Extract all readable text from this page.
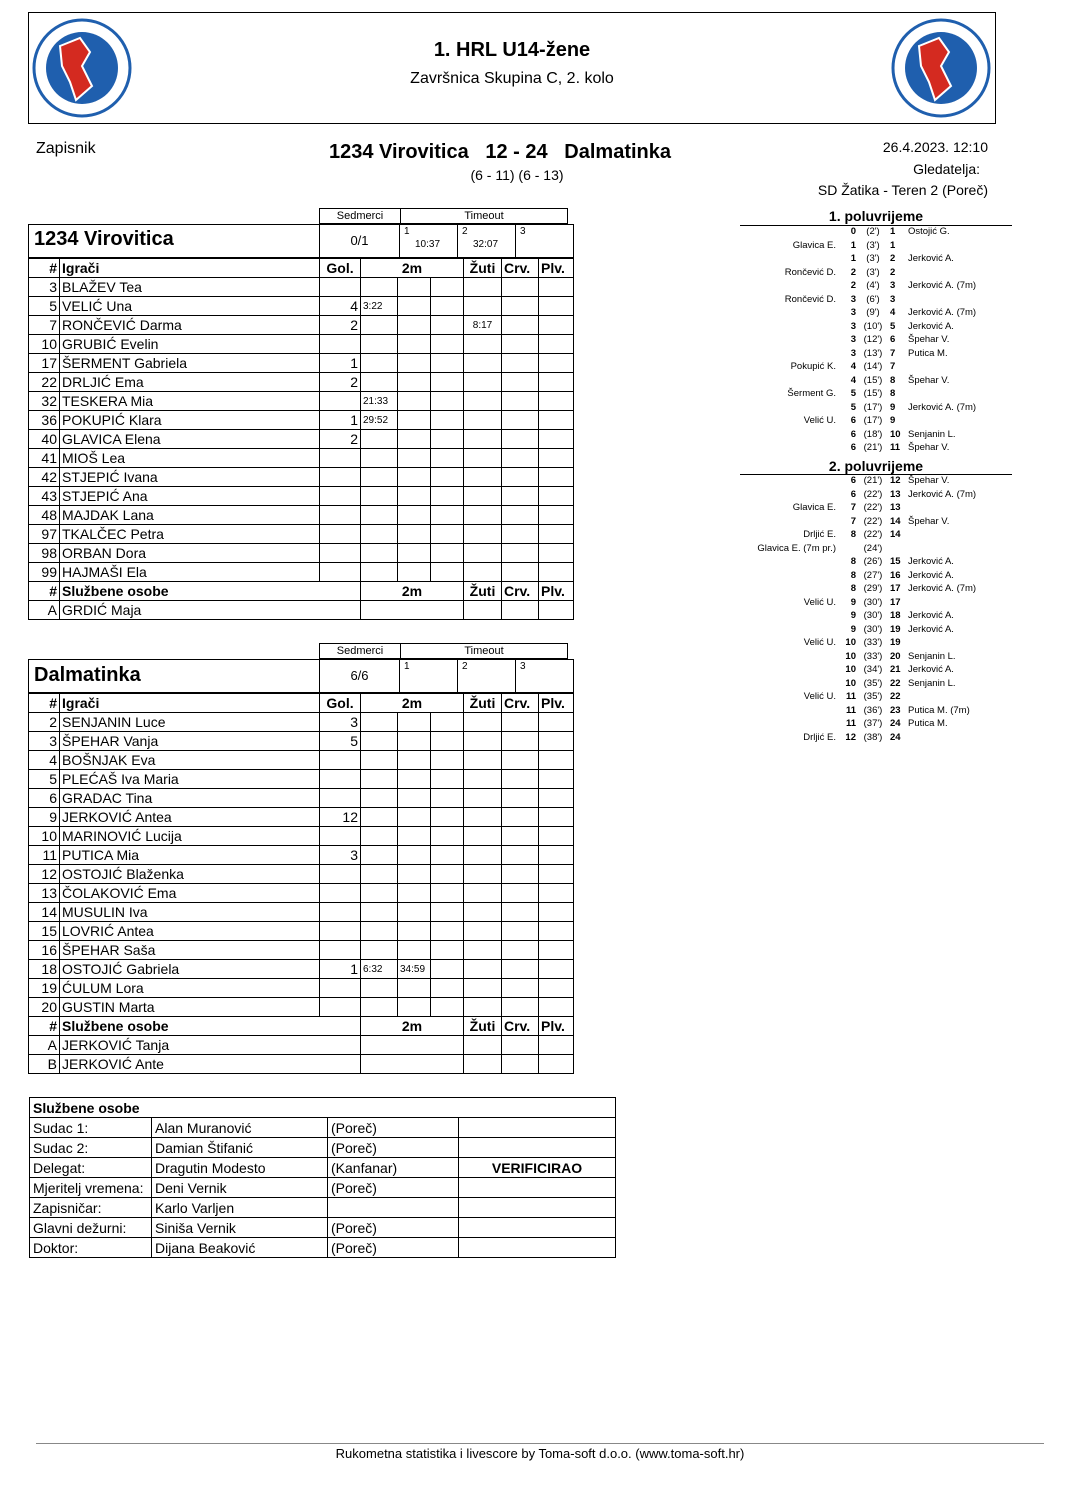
1. HRL U14-žene
Završnica Skupina C, 2. kolo
Zapisnik	1234 Virovitica   12 - 24   Dalmatinka
(6 - 11) (6 - 13)
26.4.2023. 12:10
Gledatelja:
SD Žatika - Teren 2 (Poreč)
Sedmerci	Timeout
1234 Virovitica	0/1
1	2	3
10:37	32:07
#	Igrači	Gol.	2m			Žuti	Crv.	Plv.
3	BLAŽEV Tea							
5	VELIĆ Una	4	3:22					
7	RONČEVIĆ Darma	2				8:17		
10	GRUBIĆ Evelin							
17	ŠERMENT Gabriela	1						
22	DRLJIĆ Ema	2						
32	TESKERA Mia		21:33					
36	POKUPIĆ Klara	1	29:52					
40	GLAVICA Elena	2						
41	MIOŠ Lea							
42	STJEPIĆ Ivana							
43	STJEPIĆ Ana							
48	MAJDAK Lana							
97	TKALČEC Petra							
98	ORBAN Dora							
99	HAJMAŠI Ela							
#	Službene osobe		2m			Žuti	Crv.	Plv.
A	GRDIĆ Maja							
Sedmerci	Timeout
Dalmatinka	6/6
1	2	3
#	Igrači	Gol.	2m			Žuti	Crv.	Plv.
2	SENJANIN Luce	3						
3	ŠPEHAR Vanja	5						
4	BOŠNJAK Eva							
5	PLEĆAŠ Iva Maria							
6	GRADAC Tina							
9	JERKOVIĆ Antea	12						
10	MARINOVIĆ Lucija							
11	PUTICA Mia	3						
12	OSTOJIĆ Blaženka							
13	ČOLAKOVIĆ Ema							
14	MUSULIN Iva							
15	LOVRIĆ Antea							
16	ŠPEHAR Saša							
18	OSTOJIĆ Gabriela	1	6:32	34:59				
19	ĆULUM Lora							
20	GUSTIN Marta							
#	Službene osobe		2m			Žuti	Crv.	Plv.
A	JERKOVIĆ Tanja							
B	JERKOVIĆ Ante							
1. poluvrijeme
0	(2')	1	Ostojić G.
Glavica E.	1	(3')	1
1	(3')	2	Jerković A.
Rončević D.	2	(3')	2
2	(4')	3	Jerković A. (7m)
Rončević D.	3	(6')	3
3	(9')	4	Jerković A. (7m)
3 (10') 5	Jerković A.
3 (12') 6	Špehar V.
3 (13') 7	Putica M.
Pokupić K.	4 (14') 7
4 (15') 8	Špehar V.
Šerment G.	5 (15') 8
5 (17') 9	Jerković A. (7m)
Velić U.	6 (17') 9
6 (18') 10 Senjanin L.
6 (21') 11 Špehar V.
2. poluvrijeme
6 (21') 12 Špehar V.
6 (22') 13 Jerković A. (7m)
Glavica E.	7 (22') 13
7 (22') 14 Špehar V.
Drljić E.	8 (22') 14
Glavica E. (7m pr.)	(24')
8 (26') 15 Jerković A.
8 (27') 16 Jerković A.
8 (29') 17 Jerković A. (7m)
Velić U.	9 (30') 17
9 (30') 18 Jerković A.
9 (30') 19 Jerković A.
Velić U. 10 (33') 19
10 (33') 20 Senjanin L.
10 (34') 21 Jerković A.
10 (35') 22 Senjanin L.
Velić U.	11 (35') 22
11 (36') 23 Putica M. (7m)
11 (37') 24 Putica M.
Drljić E. 12 (38') 24
Službene osobe			
Sudac 1:	Alan Muranović	(Poreč)	
Sudac 2:	Damian Štifanić	(Poreč)	
Delegat:	Dragutin Modesto	(Kanfanar)	VERIFICIRAO
Mjeritelj vremena:	Deni Vernik	(Poreč)	
Zapisničar:	Karlo Varljen		
Glavni dežurni:	Siniša Vernik	(Poreč)	
Doktor:	Dijana Beaković	(Poreč)	
Rukometna statistika i livescore by Toma-soft d.o.o. (www.toma-soft.hr)
